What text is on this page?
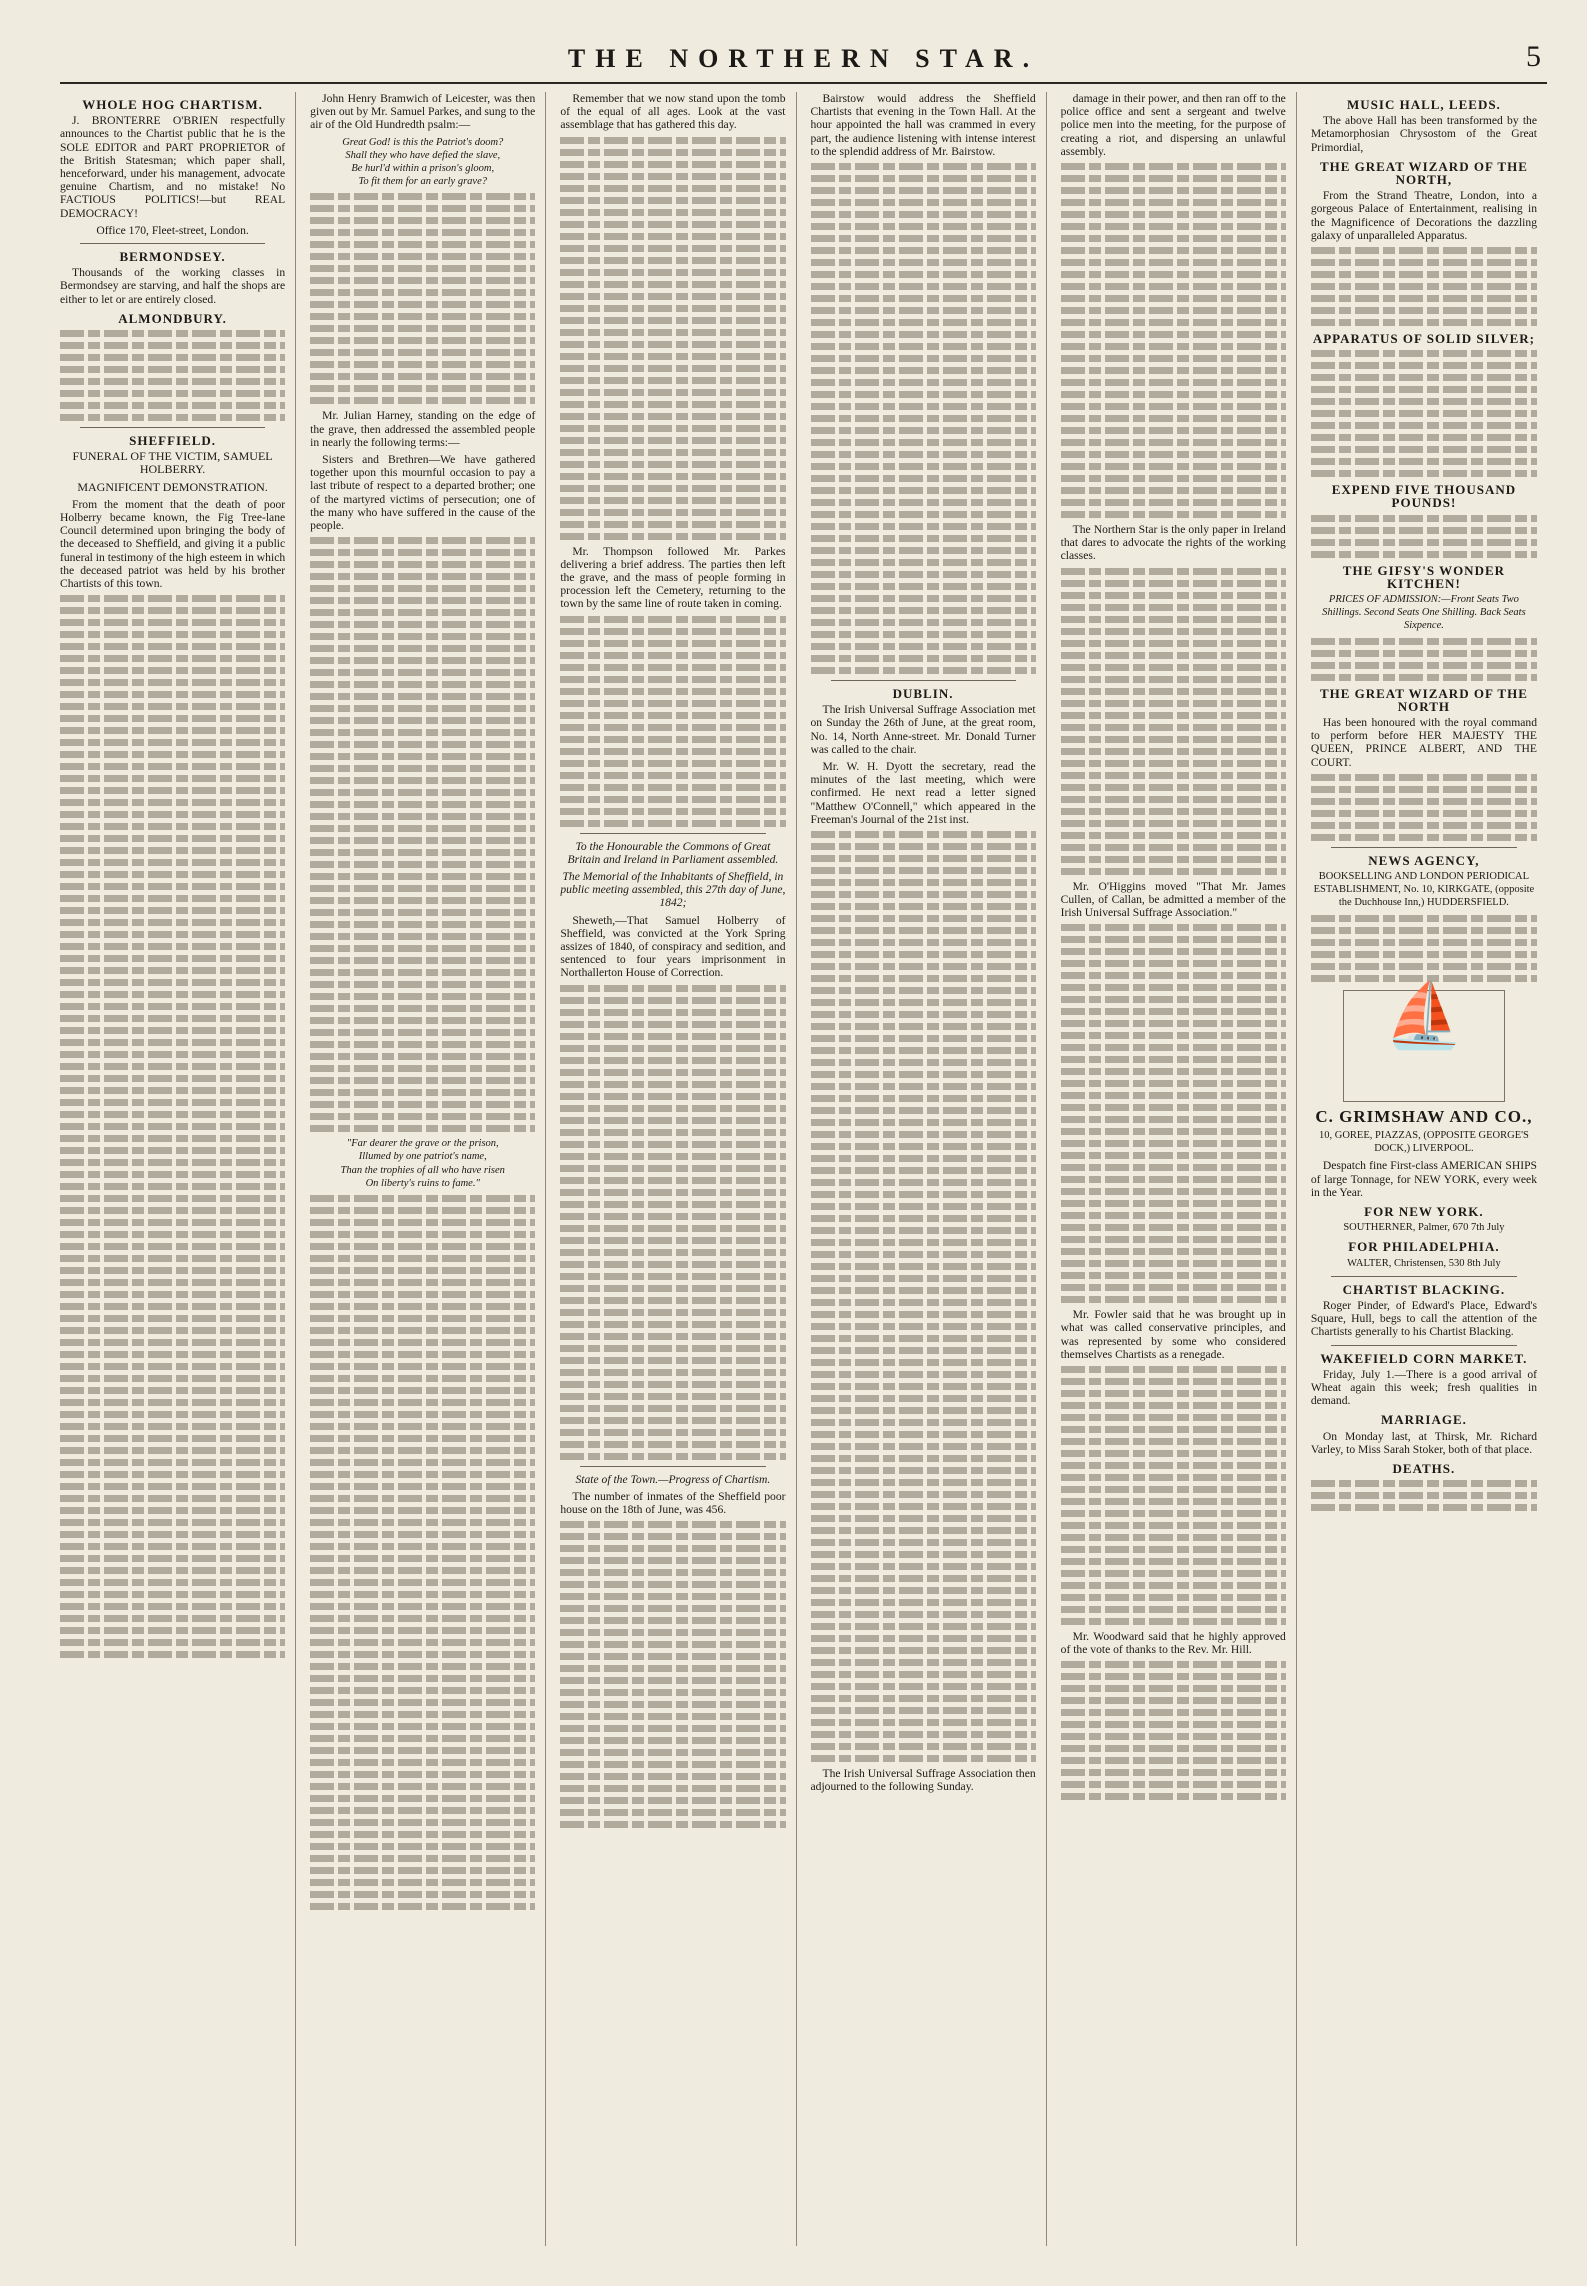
THE NORTHERN STAR.	5
WHOLE HOG CHARTISM.

J. BRONTERRE O'BRIEN respectfully announces to the Chartist public that he is the SOLE EDITOR and PART PROPRIETOR of the British Statesman; which paper shall, henceforward, under his management, advocate genuine Chartism, and no mistake! No FACTIOUS POLITICS!—but REAL DEMOCRACY!

Office 170, Fleet-street, London.

BERMONDSEY.

Thousands of the working classes in Bermondsey are starving, and half the shops are either to let or are entirely closed.

ALMONDBURY.
SHEFFIELD.
FUNERAL OF THE VICTIM, SAMUEL HOLBERRY.
MAGNIFICENT DEMONSTRATION.

From the moment that the death of poor Holberry became known, the Fig Tree-lane Council determined upon bringing the body of the deceased to Sheffield, and giving it a public funeral in testimony of the high esteem in which the deceased patriot was held by his brother Chartists of this town.

John Henry Bramwich of Leicester, was then given out by Mr. Samuel Parkes, and sung to the air of the Old Hundredth psalm:—

Great God! is this the Patriot's doom?
Shall they who have defied the slave,
Be hurl'd within a prison's gloom,
To fit them for an early grave?

Mr. Julian Harney, standing on the edge of the grave, then addressed the assembled people in nearly the following terms:—

Sisters and Brethren—We have gathered together upon this mournful occasion to pay a last tribute of respect to a departed brother; one of the martyred victims of persecution; one of the many who have suffered in the cause of the people.

"Far dearer the grave or the prison,
Illumed by one patriot's name,
Than the trophies of all who have risen
On liberty's ruins to fame."

Remember that we now stand upon the tomb of the equal of all ages. Look at the vast assemblage that has gathered this day.

Mr. Thompson followed Mr. Parkes delivering a brief address. The parties then left the grave, and the mass of people forming in procession left the Cemetery, returning to the town by the same line of route taken in coming.

To the Honourable the Commons of Great Britain and Ireland in Parliament assembled.

The Memorial of the Inhabitants of Sheffield, in public meeting assembled, this 27th day of June, 1842;

Sheweth,—That Samuel Holberry of Sheffield, was convicted at the York Spring assizes of 1840, of conspiracy and sedition, and sentenced to four years imprisonment in Northallerton House of Correction.

State of the Town.—Progress of Chartism.

The number of inmates of the Sheffield poor house on the 18th of June, was 456.

Bairstow would address the Sheffield Chartists that evening in the Town Hall. At the hour appointed the hall was crammed in every part, the audience listening with intense interest to the splendid address of Mr. Bairstow.

DUBLIN.

The Irish Universal Suffrage Association met on Sunday the 26th of June, at the great room, No. 14, North Anne-street. Mr. Donald Turner was called to the chair.

Mr. W. H. Dyott the secretary, read the minutes of the last meeting, which were confirmed. He next read a letter signed "Matthew O'Connell," which appeared in the Freeman's Journal of the 21st inst.

The Irish Universal Suffrage Association then adjourned to the following Sunday.

damage in their power, and then ran off to the police office and sent a sergeant and twelve police men into the meeting, for the purpose of creating a riot, and dispersing an unlawful assembly.

The Northern Star is the only paper in Ireland that dares to advocate the rights of the working classes.

Mr. O'Higgins moved "That Mr. James Cullen, of Callan, be admitted a member of the Irish Universal Suffrage Association."

Mr. Fowler said that he was brought up in what was called conservative principles, and was represented by some who considered themselves Chartists as a renegade.

Mr. Woodward said that he highly approved of the vote of thanks to the Rev. Mr. Hill.

MUSIC HALL, LEEDS.

The above Hall has been transformed by the Metamorphosian Chrysostom of the Great Primordial,

THE GREAT WIZARD OF THE NORTH,

From the Strand Theatre, London, into a gorgeous Palace of Entertainment, realising in the Magnificence of Decorations the dazzling galaxy of unparalleled Apparatus.

APPARATUS OF SOLID SILVER;
EXPEND FIVE THOUSAND POUNDS!
THE GIFSY'S WONDER KITCHEN!

PRICES OF ADMISSION:—Front Seats Two Shillings. Second Seats One Shilling. Back Seats Sixpence.

THE GREAT WIZARD OF THE NORTH

Has been honoured with the royal command to perform before HER MAJESTY THE QUEEN, PRINCE ALBERT, AND THE COURT.

NEWS AGENCY,

BOOKSELLING AND LONDON PERIODICAL ESTABLISHMENT, No. 10, KIRKGATE, (opposite the Duchhouse Inn,) HUDDERSFIELD.

⛵
C. GRIMSHAW AND CO.,

10, GOREE, PIAZZAS, (OPPOSITE GEORGE'S DOCK,) LIVERPOOL.

Despatch fine First-class AMERICAN SHIPS of large Tonnage, for NEW YORK, every week in the Year.

FOR NEW YORK.

SOUTHERNER, Palmer, 670 7th July

FOR PHILADELPHIA.

WALTER, Christensen, 530 8th July

CHARTIST BLACKING.

Roger Pinder, of Edward's Place, Edward's Square, Hull, begs to call the attention of the Chartists generally to his Chartist Blacking.

WAKEFIELD CORN MARKET.

Friday, July 1.—There is a good arrival of Wheat again this week; fresh qualities in demand.

MARRIAGE.

On Monday last, at Thirsk, Mr. Richard Varley, to Miss Sarah Stoker, both of that place.

DEATHS.
